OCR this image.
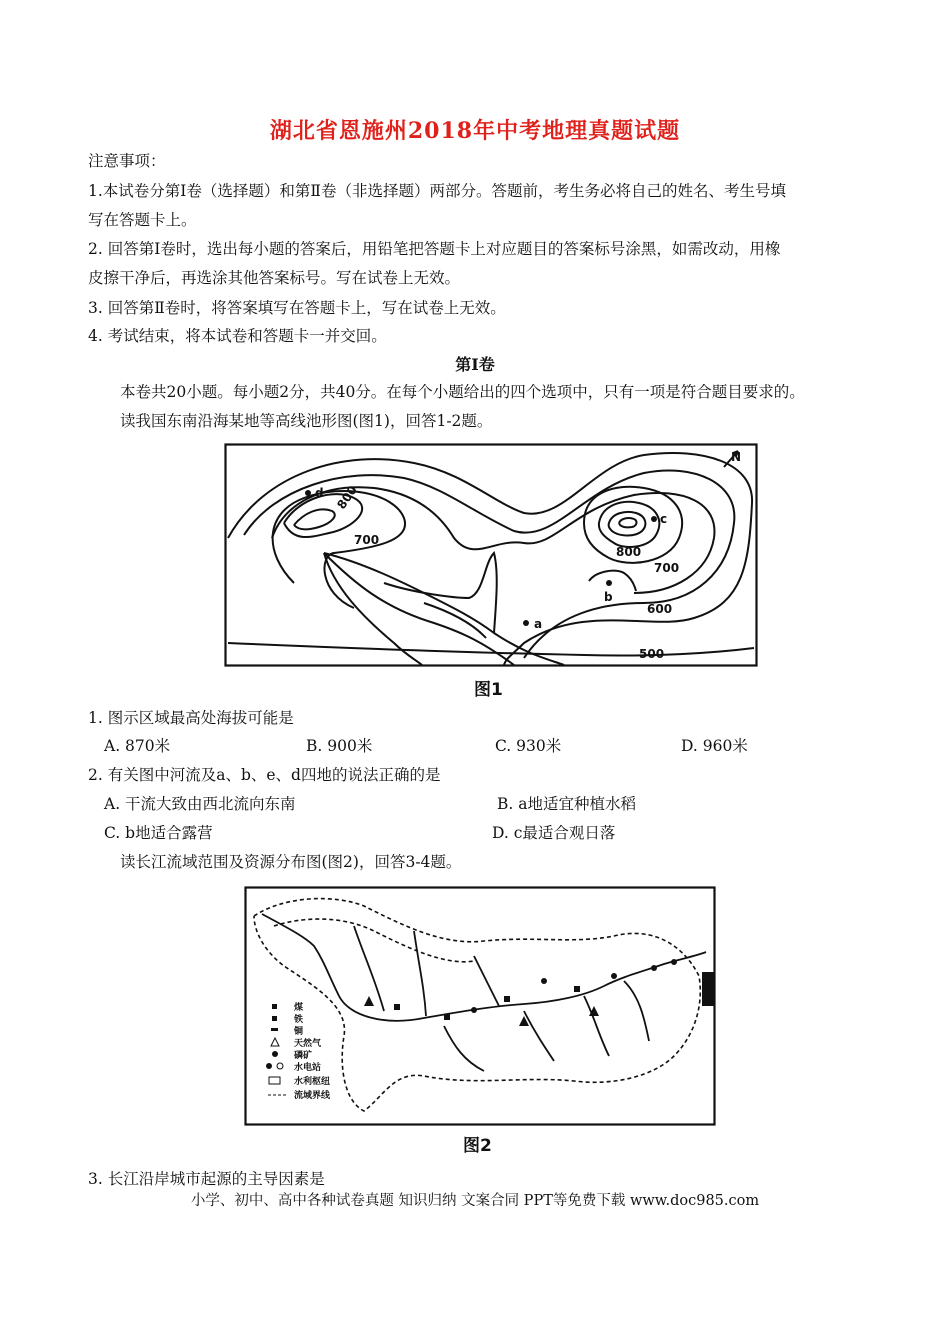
湖北省恩施州2018年中考地理真题试题
注意事项：
1.本试卷分第Ⅰ卷（选择题）和第Ⅱ卷（非选择题）两部分。答题前，考生务必将自己的姓名、考生号填
写在答题卡上。
2. 回答第Ⅰ卷时，选出每小题的答案后，用铅笔把答题卡上对应题目的答案标号涂黑，如需改动，用橡
皮擦干净后，再选涂其他答案标号。写在试卷上无效。
3. 回答第Ⅱ卷时，将答案填写在答题卡上，写在试卷上无效。
4. 考试结束，将本试卷和答题卡一并交回。
第Ⅰ卷
本卷共20小题。每小题2分，共40分。在每个小题给出的四个选项中，只有一项是符合题目要求的。
读我国东南沿海某地等高线池形图(图1)，回答1-2题。
N
800
700
800
700
600
500
d
c
b
a
图1
1. 图示区域最高处海拔可能是
A. 870米	B. 900米	C. 930米	D. 960米
2. 有关图中河流及a、b、e、d四地的说法正确的是
A. 干流大致由西北流向东南	B. a地适宜种植水稻
C. b地适合露营	D. c最适合观日落
读长江流域范围及资源分布图(图2)，回答3-4题。
煤
铁
铜
天然气
磷矿
水电站
水利枢纽
流域界线
图2
3. 长江沿岸城市起源的主导因素是
小学、初中、高中各种试卷真题 知识归纳 文案合同 PPT等免费下载 www.doc985.com
